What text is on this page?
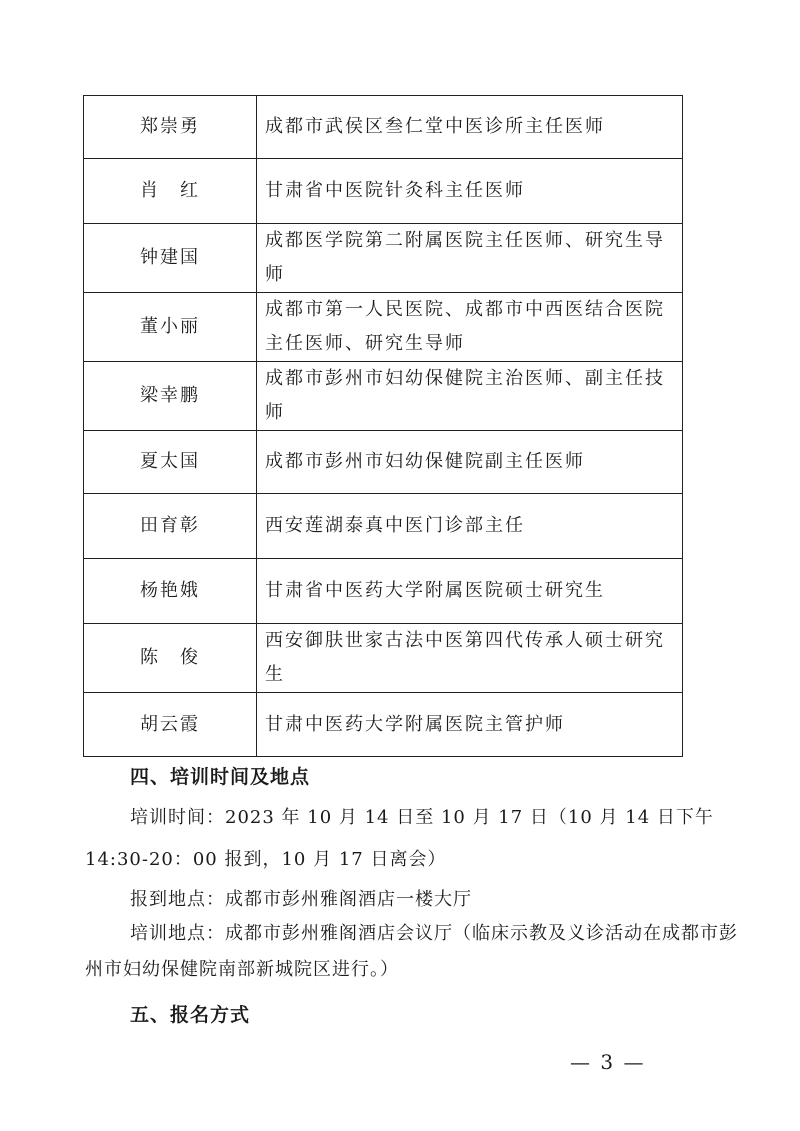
郑崇勇	成都市武侯区叁仁堂中医诊所主任医师
肖　红	甘肃省中医院针灸科主任医师
钟建国	成都医学院第二附属医院主任医师、研究生导师
董小丽	成都市第一人民医院、成都市中西医结合医院主任医师、研究生导师
梁幸鹏	成都市彭州市妇幼保健院主治医师、副主任技师
夏太国	成都市彭州市妇幼保健院副主任医师
田育彰	西安莲湖泰真中医门诊部主任
杨艳娥	甘肃省中医药大学附属医院硕士研究生
陈　俊	西安御肤世家古法中医第四代传承人硕士研究生
胡云霞	甘肃中医药大学附属医院主管护师
四、培训时间及地点

培训时间：2023 年 10 月 14 日至 10 月 17 日（10 月 14 日下午 14:30-20：00 报到，10 月 17 日离会）

报到地点：成都市彭州雅阁酒店一楼大厅

培训地点：成都市彭州雅阁酒店会议厅（临床示教及义诊活动在成都市彭州市妇幼保健院南部新城院区进行。）

五、报名方式
— 3 —
